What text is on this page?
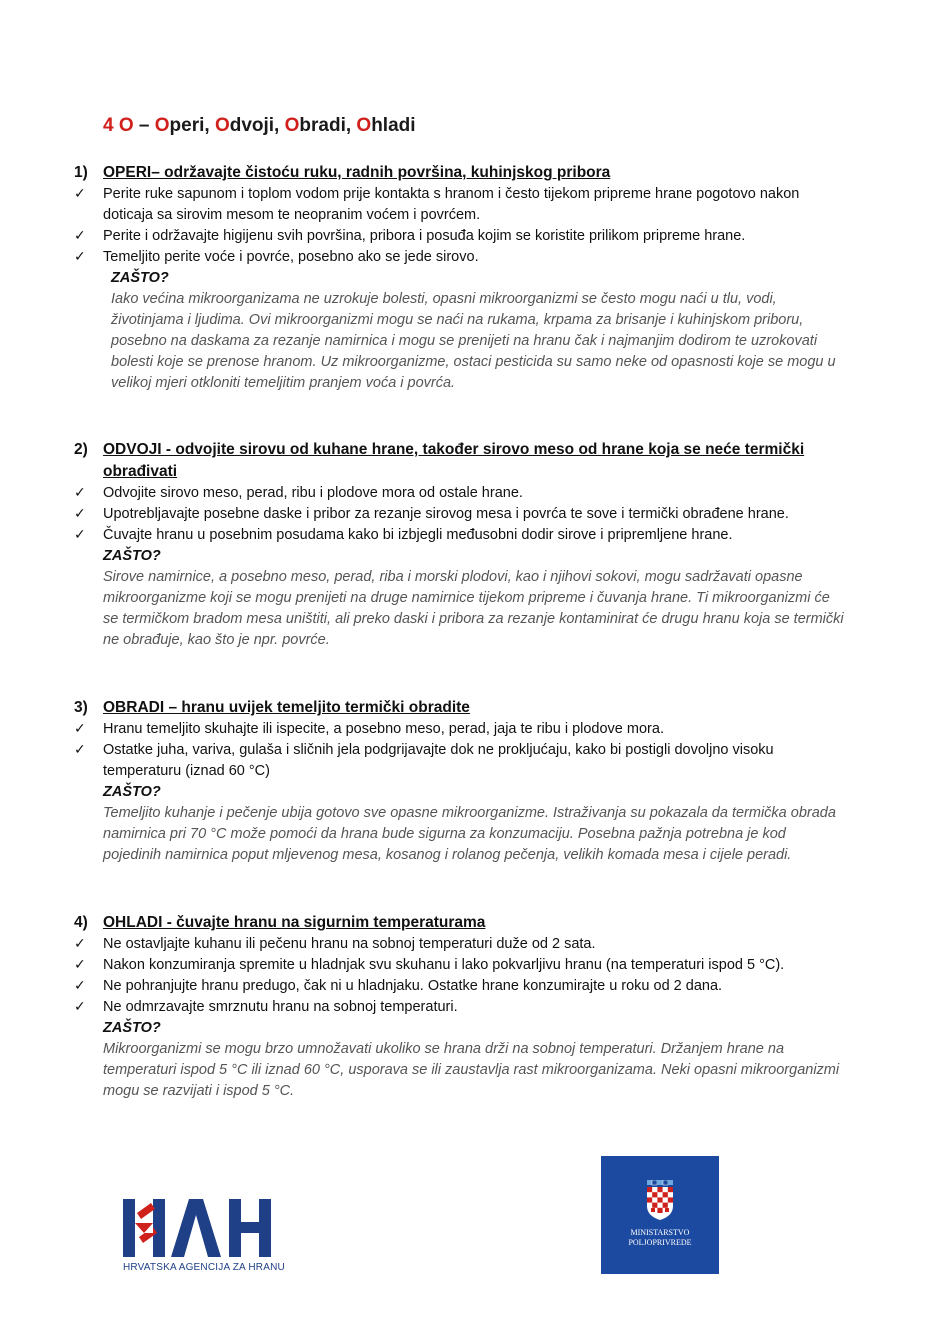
4 O – Operi, Odvoji, Obradi, Ohladi
1) OPERI– održavajte čistoću ruku, radnih površina, kuhinjskog pribora
✓	Perite ruke sapunom i toplom vodom prije kontakta s hranom i često tijekom pripreme hrane pogotovo nakon doticaja sa sirovim mesom te neopranim voćem i povrćem.
✓	Perite i održavajte higijenu svih površina, pribora i posuđa kojim se koristite prilikom pripreme hrane.
✓	Temeljito perite voće i povrće, posebno ako se jede sirovo.
ZAŠTO?
Iako većina mikroorganizama ne uzrokuje bolesti, opasni mikroorganizmi se često mogu naći u tlu, vodi, životinjama i ljudima. Ovi mikroorganizmi mogu se naći na rukama, krpama za brisanje i kuhinjskom priboru, posebno na daskama za rezanje namirnica i mogu se prenijeti na hranu čak i najmanjim dodirom te uzrokovati bolesti koje se prenose hranom. Uz mikroorganizme, ostaci pesticida su samo neke od opasnosti koje se mogu u velikoj mjeri otkloniti temeljitim pranjem voća i povrća.
2) ODVOJI - odvojite sirovu od kuhane hrane, također sirovo meso od hrane koja se neće termički obrađivati
✓	Odvojite sirovo meso, perad, ribu i plodove mora od ostale hrane.
✓	Upotrebljavajte posebne daske i pribor za rezanje sirovog mesa i povrća te sove i termički obrađene hrane.
✓	Čuvajte hranu u posebnim posudama kako bi izbjegli međusobni dodir sirove i pripremljene hrane.
ZAŠTO?
Sirove namirnice, a posebno meso, perad, riba i morski plodovi, kao i njihovi sokovi, mogu sadržavati opasne mikroorganizme koji se mogu prenijeti na druge namirnice tijekom pripreme i čuvanja hrane. Ti mikroorganizmi će se termičkom bradom mesa uništiti, ali preko daski i pribora za rezanje kontaminirat će drugu hranu koja se termički ne obrađuje, kao što je npr. povrće.
3) OBRADI – hranu uvijek temeljito termički obradite
✓	Hranu temeljito skuhajte ili ispecite, a posebno meso, perad, jaja te ribu i plodove mora.
✓	Ostatke juha, variva, gulaša i sličnih jela podgrijavajte dok ne prokljućaju, kako bi postigli dovoljno visoku temperaturu (iznad 60 °C)
ZAŠTO?
Temeljito kuhanje i pečenje ubija gotovo sve opasne mikroorganizme. Istraživanja su pokazala da termička obrada namirnica pri 70 °C može pomoći da hrana bude sigurna za konzumaciju. Posebna pažnja potrebna je kod pojedinih namirnica poput mljevenog mesa, kosanog i rolanog pečenja, velikih komada mesa i cijele peradi.
4) OHLADI - čuvajte hranu na sigurnim temperaturama
✓	Ne ostavljajte kuhanu ili pečenu hranu na sobnoj temperaturi duže od 2 sata.
✓	Nakon konzumiranja spremite u hladnjak svu skuhanu i lako pokvarljivu hranu (na temperaturi ispod 5 °C).
✓	Ne pohranjujte hranu predugo, čak ni u hladnjaku. Ostatke hrane konzumirajte u roku od 2 dana.
✓	Ne odmrzavajte smrznutu hranu na sobnoj temperaturi.
ZAŠTO?
Mikroorganizmi se mogu brzo umnožavati ukoliko se hrana drži na sobnoj temperaturi. Držanjem hrane na temperaturi ispod 5 °C ili iznad 60 °C, usporava se ili zaustavlja rast mikroorganizama. Neki opasni mikroorganizmi mogu se razvijati i ispod 5 °C.
HRVATSKA AGENCIJA ZA HRANU
MINISTARSTVO
POLJOPRIVREDE
